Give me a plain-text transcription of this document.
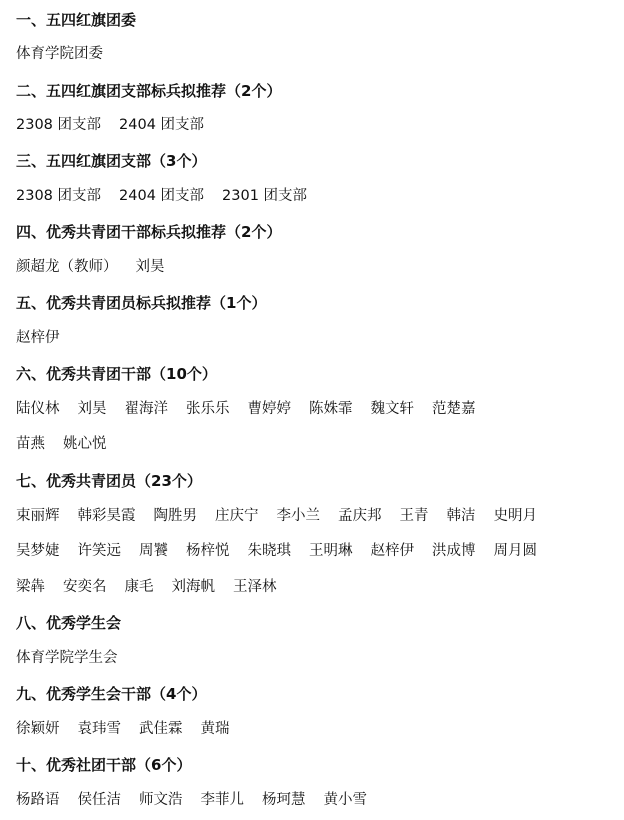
一、五四红旗团委
体育学院团委
二、五四红旗团支部标兵拟推荐（2个）
2308 团支部 2404 团支部
三、五四红旗团支部（3个）
2308 团支部 2404 团支部 2301 团支部
四、优秀共青团干部标兵拟推荐（2个）
颜超龙（教师） 刘昊
五、优秀共青团员标兵拟推荐（1个）
赵梓伊
六、优秀共青团干部（10个）
陆仪林 刘昊 翟海洋 张乐乐 曹婷婷 陈姝霏 魏文轩 范楚嘉
苗燕 姚心悦
七、优秀共青团员（23个）
束丽辉 韩彩昊霞 陶胜男 庄庆宁 李小兰 孟庆邦 王青 韩洁 史明月
吴梦婕 许笑远 周饕 杨梓悦 朱晓琪 王明琳 赵梓伊 洪成博 周月圆
梁犇 安奕名 康毛 刘海帆 王泽林
八、优秀学生会
体育学院学生会
九、优秀学生会干部（4个）
徐颖妍 袁玮雪 武佳霖 黄瑞
十、优秀社团干部（6个）
杨路语 侯任洁 师文浩 李菲儿 杨珂慧 黄小雪
